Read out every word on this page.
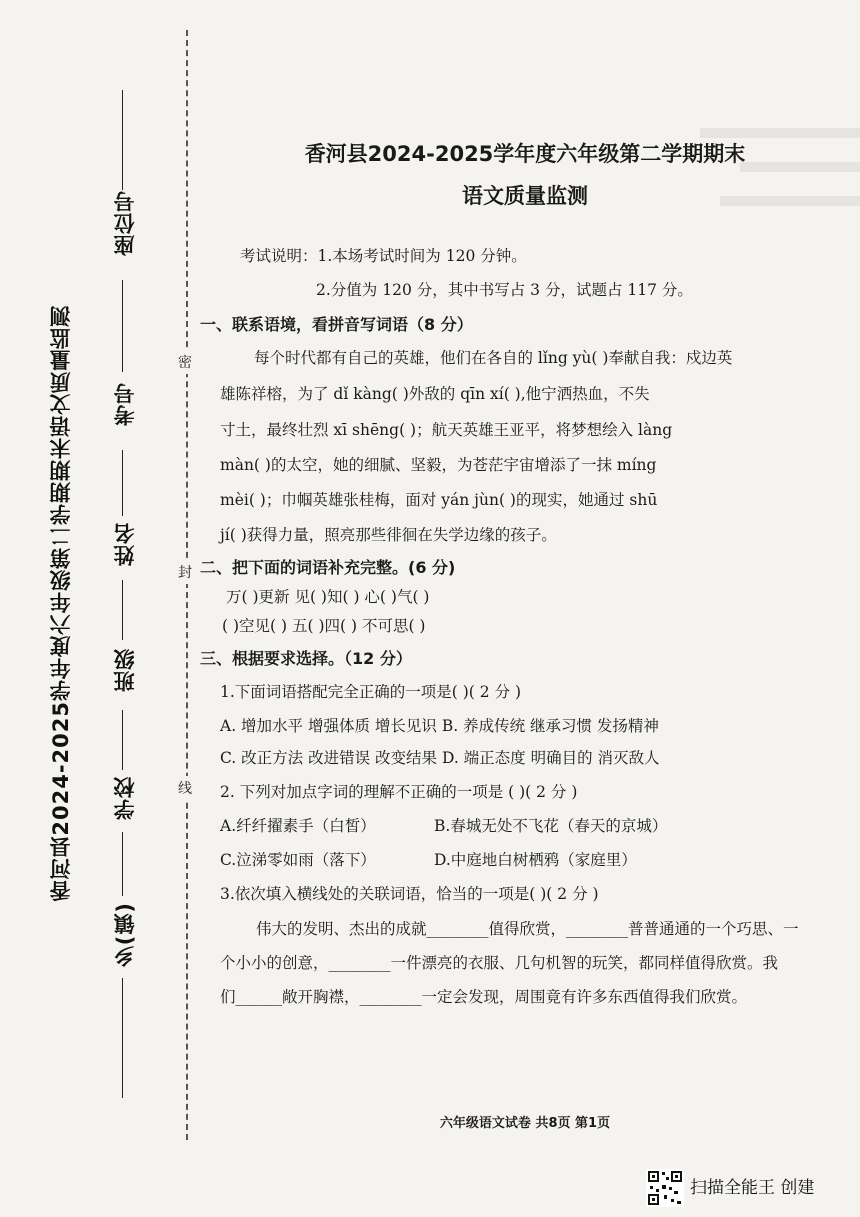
香河县2024-2025学年度六年级第二学期期末语文质量监测
座位号
考号
姓名
班级
学校
乡(镇)
密
封
线
香河县2024-2025学年度六年级第二学期期末
语文质量监测
考试说明：1.本场考试时间为 120 分钟。
2.分值为 120 分，其中书写占 3 分，试题占 117 分。
一、联系语境，看拼音写词语（8 分）
每个时代都有自己的英雄，他们在各自的 lǐng yù( )奉献自我：戍边英
雄陈祥榕，为了 dǐ kàng( )外敌的 qīn xí( ),他宁洒热血，不失
寸土，最终壮烈 xī shēng( )；航天英雄王亚平，将梦想绘入 làng
màn( )的太空，她的细腻、坚毅，为苍茫宇宙增添了一抹 míng
mèi( )；巾帼英雄张桂梅，面对 yán jùn( )的现实，她通过 shū
jí( )获得力量，照亮那些徘徊在失学边缘的孩子。
二、把下面的词语补充完整。(6 分)
万( )更新 见( )知( ) 心( )气( )
( )空见( ) 五( )四( ) 不可思( )
三、根据要求选择。（12 分）
1.下面词语搭配完全正确的一项是( )( 2 分 )
A. 增加水平 增强体质 增长见识 B. 养成传统 继承习惯 发扬精神
C. 改正方法 改进错误 改变结果 D. 端正态度 明确目的 消灭敌人
2. 下列对加点字词的理解不正确的一项是 ( )( 2 分 )
A.纤纤擢素手（白皙）	B.春城无处不飞花（春天的京城）
C.泣涕零如雨（落下）	D.中庭地白树栖鸦（家庭里）
3.依次填入横线处的关联词语，恰当的一项是( )( 2 分 )
伟大的发明、杰出的成就________值得欣赏，________普普通通的一个巧思、一
个小小的创意，________一件漂亮的衣服、几句机智的玩笑，都同样值得欣赏。我
们______敞开胸襟，________一定会发现，周围竟有许多东西值得我们欣赏。
六年级语文试卷 共8页 第1页
扫描全能王 创建
